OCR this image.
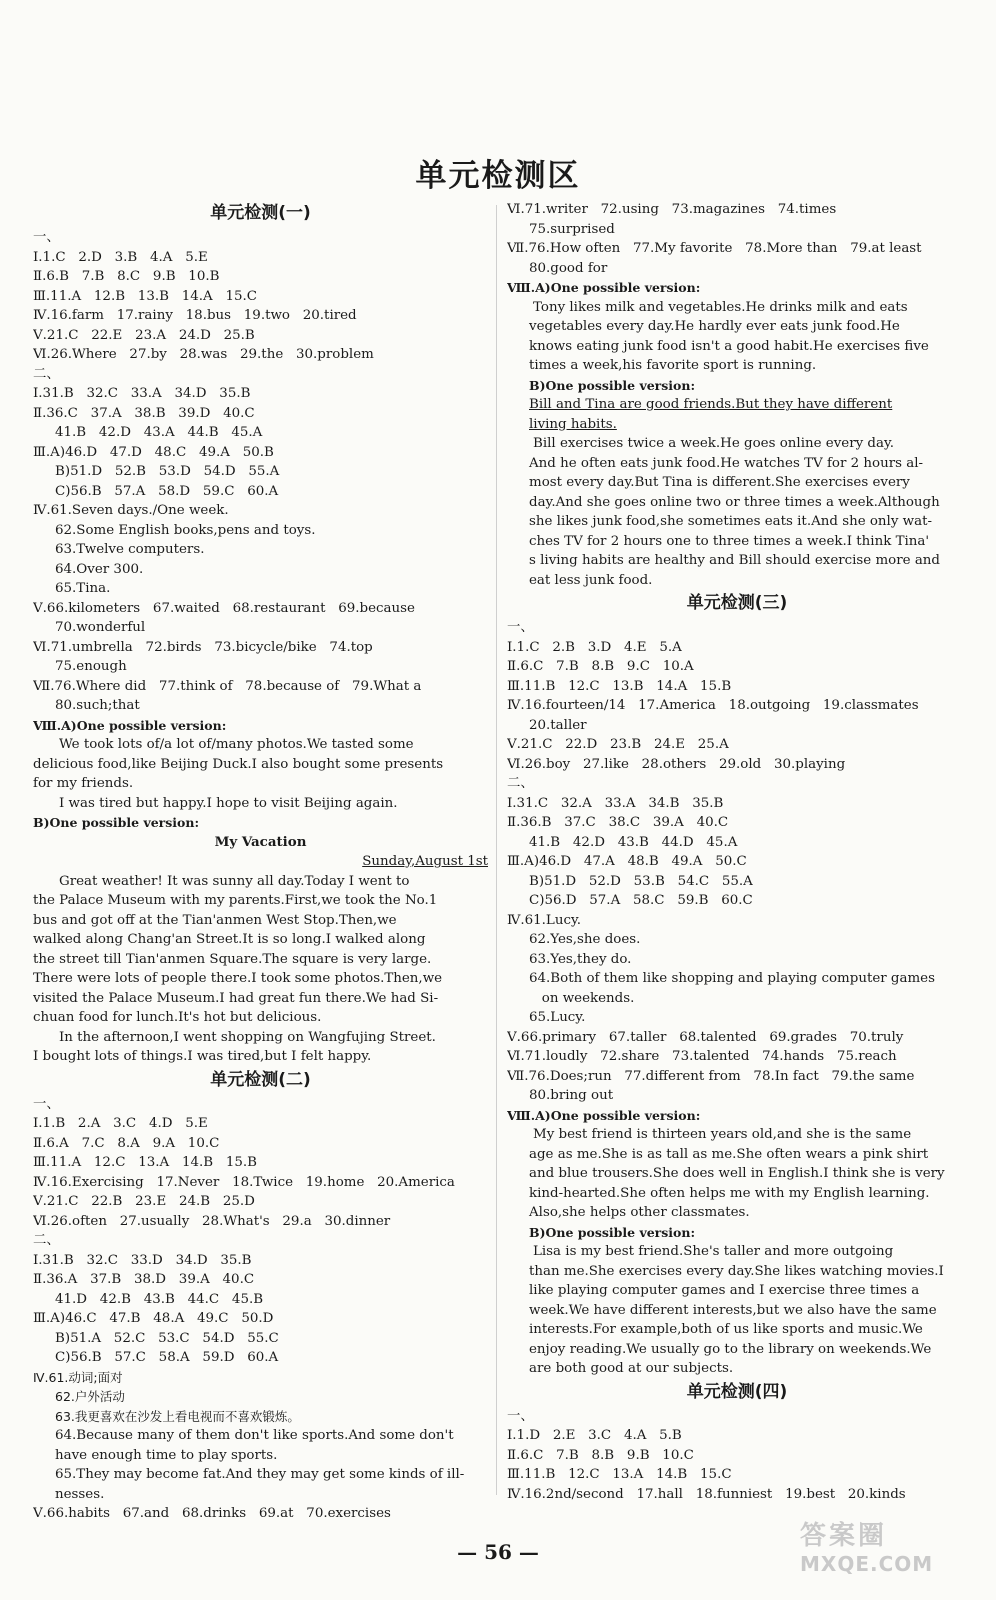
单元检测区
单元检测(一)
一、
Ⅰ.1.C   2.D   3.B   4.A   5.E
Ⅱ.6.B   7.B   8.C   9.B   10.B
Ⅲ.11.A   12.B   13.B   14.A   15.C
Ⅳ.16.farm   17.rainy   18.bus   19.two   20.tired
Ⅴ.21.C   22.E   23.A   24.D   25.B
Ⅵ.26.Where   27.by   28.was   29.the   30.problem
二、
Ⅰ.31.B   32.C   33.A   34.D   35.B
Ⅱ.36.C   37.A   38.B   39.D   40.C
41.B   42.D   43.A   44.B   45.A
Ⅲ.A)46.D   47.D   48.C   49.A   50.B
B)51.D   52.B   53.D   54.D   55.A
C)56.B   57.A   58.D   59.C   60.A
Ⅳ.61.Seven days./One week.
62.Some English books,pens and toys.
63.Twelve computers.
64.Over 300.
65.Tina.
Ⅴ.66.kilometers   67.waited   68.restaurant   69.because
70.wonderful
Ⅵ.71.umbrella   72.birds   73.bicycle/bike   74.top
75.enough
Ⅶ.76.Where did   77.think of   78.because of   79.What a
80.such;that
Ⅷ.A)One possible version:
We took lots of/a lot of/many photos.We tasted some
delicious food,like Beijing Duck.I also bought some presents
for my friends.
I was tired but happy.I hope to visit Beijing again.
B)One possible version:
My Vacation
Sunday,August 1st
Great weather! It was sunny all day.Today I went to
the Palace Museum with my parents.First,we took the No.1
bus and got off at the Tian'anmen West Stop.Then,we
walked along Chang'an Street.It is so long.I walked along
the street till Tian'anmen Square.The square is very large.
There were lots of people there.I took some photos.Then,we
visited the Palace Museum.I had great fun there.We had Si-
chuan food for lunch.It's hot but delicious.
In the afternoon,I went shopping on Wangfujing Street.
I bought lots of things.I was tired,but I felt happy.
单元检测(二)
一、
Ⅰ.1.B   2.A   3.C   4.D   5.E
Ⅱ.6.A   7.C   8.A   9.A   10.C
Ⅲ.11.A   12.C   13.A   14.B   15.B
Ⅳ.16.Exercising   17.Never   18.Twice   19.home   20.America
Ⅴ.21.C   22.B   23.E   24.B   25.D
Ⅵ.26.often   27.usually   28.What's   29.a   30.dinner
二、
Ⅰ.31.B   32.C   33.D   34.D   35.B
Ⅱ.36.A   37.B   38.D   39.A   40.C
41.D   42.B   43.B   44.C   45.B
Ⅲ.A)46.C   47.B   48.A   49.C   50.D
B)51.A   52.C   53.C   54.D   55.C
C)56.B   57.C   58.A   59.D   60.A
Ⅳ.61.动词;面对
62.户外活动
63.我更喜欢在沙发上看电视而不喜欢锻炼。
64.Because many of them don't like sports.And some don't
have enough time to play sports.
65.They may become fat.And they may get some kinds of ill-
nesses.
Ⅴ.66.habits   67.and   68.drinks   69.at   70.exercises
Ⅵ.71.writer   72.using   73.magazines   74.times
75.surprised
Ⅶ.76.How often   77.My favorite   78.More than   79.at least
80.good for
Ⅷ.A)One possible version:
Tony likes milk and vegetables.He drinks milk and eats
vegetables every day.He hardly ever eats junk food.He
knows eating junk food isn't a good habit.He exercises five
times a week,his favorite sport is running.
B)One possible version:
Bill and Tina are good friends.But they have different
living habits.
Bill exercises twice a week.He goes online every day.
And he often eats junk food.He watches TV for 2 hours al-
most every day.But Tina is different.She exercises every
day.And she goes online two or three times a week.Although
she likes junk food,she sometimes eats it.And she only wat-
ches TV for 2 hours one to three times a week.I think Tina'
s living habits are healthy and Bill should exercise more and
eat less junk food.
单元检测(三)
一、
Ⅰ.1.C   2.B   3.D   4.E   5.A
Ⅱ.6.C   7.B   8.B   9.C   10.A
Ⅲ.11.B   12.C   13.B   14.A   15.B
Ⅳ.16.fourteen/14   17.America   18.outgoing   19.classmates
20.taller
Ⅴ.21.C   22.D   23.B   24.E   25.A
Ⅵ.26.boy   27.like   28.others   29.old   30.playing
二、
Ⅰ.31.C   32.A   33.A   34.B   35.B
Ⅱ.36.B   37.C   38.C   39.A   40.C
41.B   42.D   43.B   44.D   45.A
Ⅲ.A)46.D   47.A   48.B   49.A   50.C
B)51.D   52.D   53.B   54.C   55.A
C)56.D   57.A   58.C   59.B   60.C
Ⅳ.61.Lucy.
62.Yes,she does.
63.Yes,they do.
64.Both of them like shopping and playing computer games
on weekends.
65.Lucy.
Ⅴ.66.primary   67.taller   68.talented   69.grades   70.truly
Ⅵ.71.loudly   72.share   73.talented   74.hands   75.reach
Ⅶ.76.Does;run   77.different from   78.In fact   79.the same
80.bring out
Ⅷ.A)One possible version:
My best friend is thirteen years old,and she is the same
age as me.She is as tall as me.She often wears a pink shirt
and blue trousers.She does well in English.I think she is very
kind-hearted.She often helps me with my English learning.
Also,she helps other classmates.
B)One possible version:
Lisa is my best friend.She's taller and more outgoing
than me.She exercises every day.She likes watching movies.I
like playing computer games and I exercise three times a
week.We have different interests,but we also have the same
interests.For example,both of us like sports and music.We
enjoy reading.We usually go to the library on weekends.We
are both good at our subjects.
单元检测(四)
一、
Ⅰ.1.D   2.E   3.C   4.A   5.B
Ⅱ.6.C   7.B   8.B   9.B   10.C
Ⅲ.11.B   12.C   13.A   14.B   15.C
Ⅳ.16.2nd/second   17.hall   18.funniest   19.best   20.kinds
— 56 —
答案圈
MXQE.COM
